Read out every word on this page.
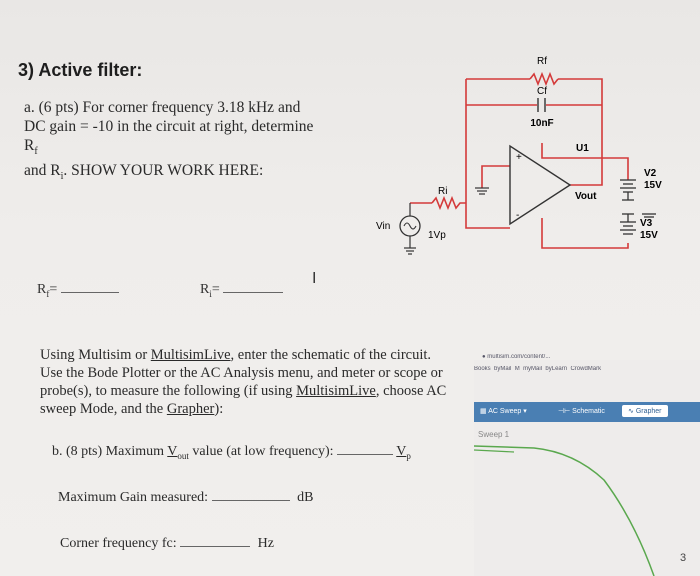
3) Active filter:
a. (6 pts) For corner frequency 3.18 kHz and
DC gain = -10 in the circuit at right, determine $R_f$
and $R_i$. SHOW YOUR WORK HERE:
$R_f=$	$R_i=$
I
Rf
Cf
10nF
U1
+
-
Ri
Vin
1Vp
Vout
V2
15V
V3
15V
Using Multisim or MultisimLive, enter the schematic of the circuit.
Use the Bode Plotter or the AC Analysis menu, and meter or scope or
probe(s), to measure the following (if using MultisimLive, choose AC
sweep Mode, and the Grapher):
b. (8 pts) Maximum $V_{out}$ value (at low frequency):	$V_p$
Maximum Gain measured:	dB
Corner frequency fc:	Hz
● multisim.com/content/...
Books byMail M myMail byLearn CrowdMark
▦ AC Sweep ▾	⊣⊢ Schematic	∿ Grapher
Sweep 1
3
